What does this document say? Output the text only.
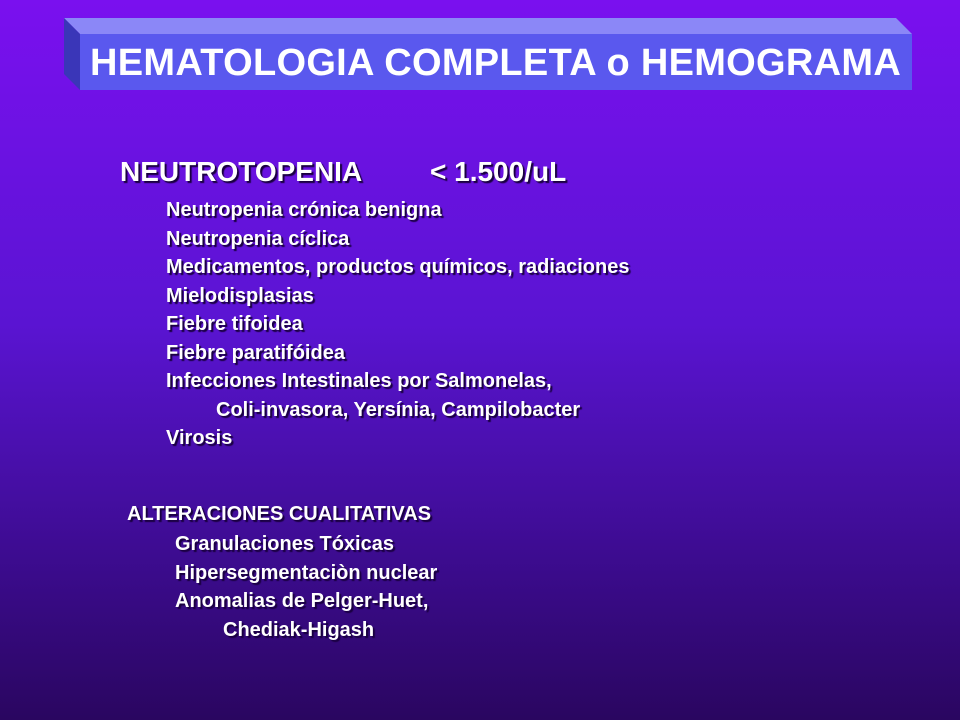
HEMATOLOGIA COMPLETA o HEMOGRAMA
NEUTROTOPENIA < 1.500/uL
Neutropenia crónica benigna
Neutropenia cíclica
Medicamentos, productos químicos, radiaciones
Mielodisplasias
Fiebre tifoidea
Fiebre paratifóidea
Infecciones Intestinales por Salmonelas,
Coli-invasora, Yersínia, Campilobacter
Virosis
ALTERACIONES CUALITATIVAS
Granulaciones Tóxicas
Hipersegmentaciòn nuclear
Anomalias de Pelger-Huet,
Chediak-Higash
